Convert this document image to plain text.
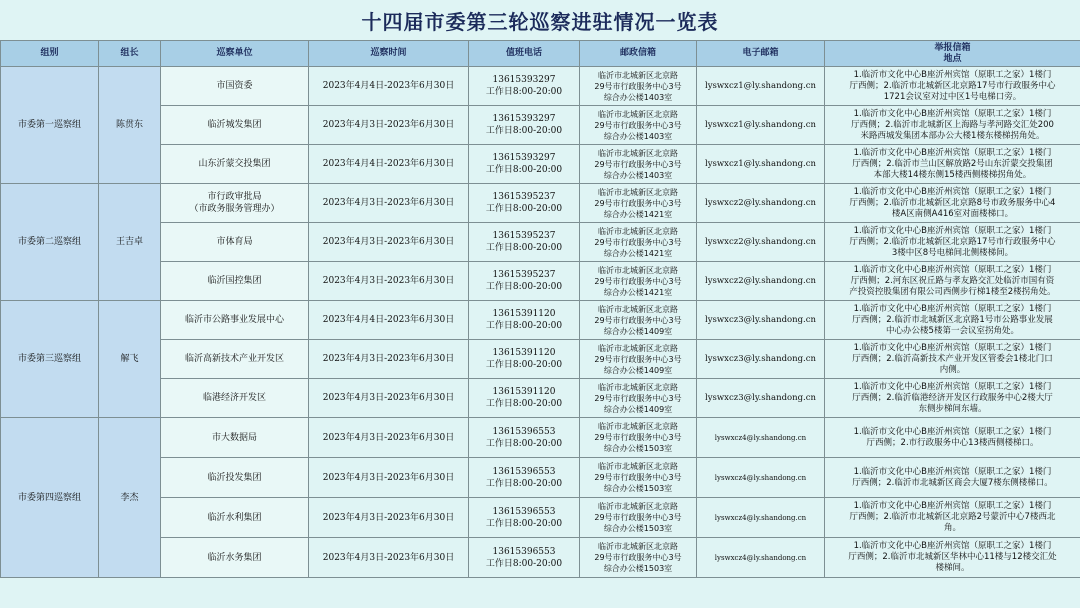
十四届市委第三轮巡察进驻情况一览表
组别	组长	巡察单位	巡察时间	值班电话	邮政信箱	电子邮箱	举报信箱
地点

市委第一巡察组	陈贯东	市国资委	2023年4月4日-2023年6月30日	13615393297
工作日8:00-20:00	临沂市北城新区北京路
29号市行政服务中心3号
综合办公楼1403室	lyswxcz1@ly.shandong.cn	1.临沂市文化中心B座沂州宾馆（原职工之家）1楼门
厅西侧；2.临沂市北城新区北京路17号市行政服务中心
1721会议室对过中区1号电梯口旁。

		临沂城发集团	2023年4月3日-2023年6月30日	13615393297
工作日8:00-20:00	临沂市北城新区北京路
29号市行政服务中心3号
综合办公楼1403室	lyswxcz1@ly.shandong.cn	1.临沂市文化中心B座沂州宾馆（原职工之家）1楼门
厅西侧；2.临沂市北城新区上海路与孝河路交汇处200
米路西城发集团本部办公大楼1楼东楼梯拐角处。

		山东沂蒙交投集团	2023年4月4日-2023年6月30日	13615393297
工作日8:00-20:00	临沂市北城新区北京路
29号市行政服务中心3号
综合办公楼1403室	lyswxcz1@ly.shandong.cn	1.临沂市文化中心B座沂州宾馆（原职工之家）1楼门
厅西侧；2.临沂市兰山区解放路2号山东沂蒙交投集团
本部大楼14楼东侧15楼西侧楼梯拐角处。

市委第二巡察组	王吉卓	市行政审批局
（市政务服务管理办）	2023年4月3日-2023年6月30日	13615395237
工作日8:00-20:00	临沂市北城新区北京路
29号市行政服务中心3号
综合办公楼1421室	lyswxcz2@ly.shandong.cn	1.临沂市文化中心B座沂州宾馆（原职工之家）1楼门
厅西侧；2.临沂市北城新区北京路8号市政务服务中心4
楼A区南侧A416室对面楼梯口。

		市体育局	2023年4月3日-2023年6月30日	13615395237
工作日8:00-20:00	临沂市北城新区北京路
29号市行政服务中心3号
综合办公楼1421室	lyswxcz2@ly.shandong.cn	1.临沂市文化中心B座沂州宾馆（原职工之家）1楼门
厅西侧；2.临沂市北城新区北京路17号市行政服务中心
3楼中区8号电梯间北侧楼梯间。

		临沂国控集团	2023年4月3日-2023年6月30日	13615395237
工作日8:00-20:00	临沂市北城新区北京路
29号市行政服务中心3号
综合办公楼1421室	lyswxcz2@ly.shandong.cn	1.临沂市文化中心B座沂州宾馆（原职工之家）1楼门
厅西侧；2.河东区祝丘路与孝友路交汇处临沂市国有资
产投资控股集团有限公司西侧步行梯1楼至2楼拐角处。

市委第三巡察组	解飞	临沂市公路事业发展中心	2023年4月4日-2023年6月30日	13615391120
工作日8:00-20:00	临沂市北城新区北京路
29号市行政服务中心3号
综合办公楼1409室	lyswxcz3@ly.shandong.cn	1.临沂市文化中心B座沂州宾馆（原职工之家）1楼门
厅西侧；2.临沂市北城新区北京路1号市公路事业发展
中心办公楼5楼第一会议室拐角处。

		临沂高新技术产业开发区	2023年4月3日-2023年6月30日	13615391120
工作日8:00-20:00	临沂市北城新区北京路
29号市行政服务中心3号
综合办公楼1409室	lyswxcz3@ly.shandong.cn	1.临沂市文化中心B座沂州宾馆（原职工之家）1楼门
厅西侧；2.临沂高新技术产业开发区管委会1楼北门口
内侧。

		临港经济开发区	2023年4月3日-2023年6月30日	13615391120
工作日8:00-20:00	临沂市北城新区北京路
29号市行政服务中心3号
综合办公楼1409室	lyswxcz3@ly.shandong.cn	1.临沂市文化中心B座沂州宾馆（原职工之家）1楼门
厅西侧；2.临沂临港经济开发区行政服务中心2楼大厅
东侧步梯间东墙。

市委第四巡察组	李杰	市大数据局	2023年4月3日-2023年6月30日	13615396553
工作日8:00-20:00	临沂市北城新区北京路
29号市行政服务中心3号
综合办公楼1503室	lyswxcz4@ly.shandong.cn	1.临沂市文化中心B座沂州宾馆（原职工之家）1楼门
厅西侧；2.市行政服务中心13楼西侧楼梯口。

		临沂投发集团	2023年4月3日-2023年6月30日	13615396553
工作日8:00-20:00	临沂市北城新区北京路
29号市行政服务中心3号
综合办公楼1503室	lyswxcz4@ly.shandong.cn	1.临沂市文化中心B座沂州宾馆（原职工之家）1楼门
厅西侧；2.临沂市北城新区商会大厦7楼东侧楼梯口。

		临沂水利集团	2023年4月3日-2023年6月30日	13615396553
工作日8:00-20:00	临沂市北城新区北京路
29号市行政服务中心3号
综合办公楼1503室	lyswxcz4@ly.shandong.cn	1.临沂市文化中心B座沂州宾馆（原职工之家）1楼门
厅西侧；2.临沂市北城新区北京路2号蒙沂中心7楼西北
角。

		临沂水务集团	2023年4月3日-2023年6月30日	13615396553
工作日8:00-20:00	临沂市北城新区北京路
29号市行政服务中心3号
综合办公楼1503室	lyswxcz4@ly.shandong.cn	1.临沂市文化中心B座沂州宾馆（原职工之家）1楼门
厅西侧；2.临沂市北城新区华林中心11楼与12楼交汇处
楼梯间。
